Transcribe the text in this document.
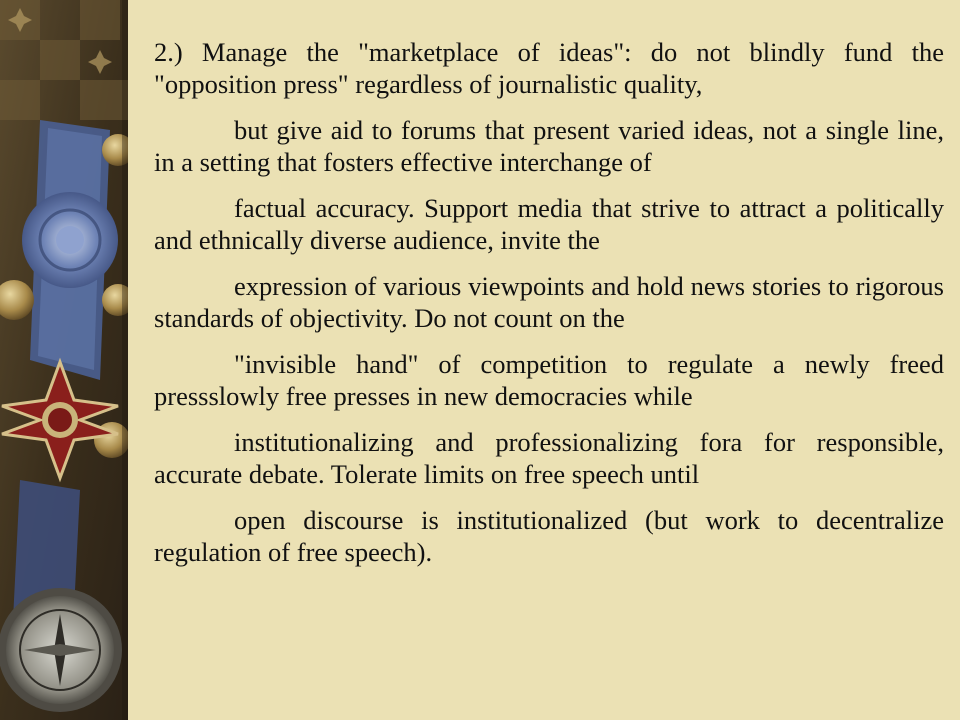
2.) Manage the "marketplace of ideas": do not blindly fund the "opposition press" regardless of journalistic quality,

but give aid to forums that present varied ideas, not a single line, in a setting that fosters effective interchange of

factual accuracy. Support media that strive to attract a politically and ethnically diverse audience, invite the

expression of various viewpoints and hold news stories to rigorous standards of objectivity. Do not count on the

"invisible hand" of competition to regulate a newly freed pressslowly free presses in new democracies while

institutionalizing and professionalizing fora for responsible, accurate debate. Tolerate limits on free speech until

open discourse is institutionalized (but work to decentralize regulation of free speech).
